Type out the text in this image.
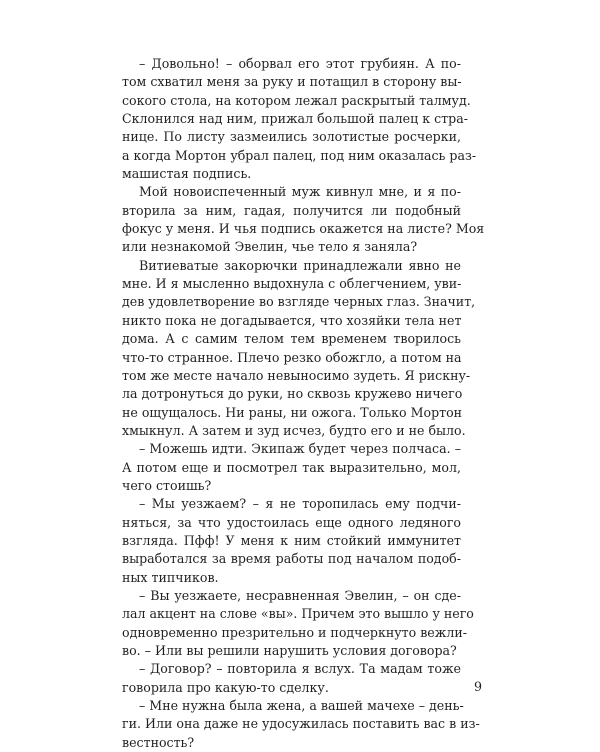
– Довольно! – оборвал его этот грубиян. А по-
том схватил меня за руку и потащил в сторону вы-
сокого стола, на котором лежал раскрытый талмуд.
Склонился над ним, прижал большой палец к стра-
нице. По листу зазмеились золотистые росчерки,
а когда Мортон убрал палец, под ним оказалась раз-
машистая подпись.
Мой новоиспеченный муж кивнул мне, и я по-
вторила за ним, гадая, получится ли подобный
фокус у меня. И чья подпись окажется на листе? Моя
или незнакомой Эвелин, чье тело я заняла?
Витиеватые закорючки принадлежали явно не
мне. И я мысленно выдохнула с облегчением, уви-
дев удовлетворение во взгляде черных глаз. Значит,
никто пока не догадывается, что хозяйки тела нет
дома. А с самим телом тем временем творилось
что-то странное. Плечо резко обожгло, а потом на
том же месте начало невыносимо зудеть. Я рискну-
ла дотронуться до руки, но сквозь кружево ничего
не ощущалось. Ни раны, ни ожога. Только Мортон
хмыкнул. А затем и зуд исчез, будто его и не было.
– Можешь идти. Экипаж будет через полчаса. –
А потом еще и посмотрел так выразительно, мол,
чего стоишь?
– Мы уезжаем? – я не торопилась ему подчи-
няться, за что удостоилась еще одного ледяного
взгляда. Пфф! У меня к ним стойкий иммунитет
выработался за время работы под началом подоб-
ных типчиков.
– Вы уезжаете, несравненная Эвелин, – он сде-
лал акцент на слове «вы». Причем это вышло у него
одновременно презрительно и подчеркнуто вежли-
во. – Или вы решили нарушить условия договора?
– Договор? – повторила я вслух. Та мадам тоже
говорила про какую-то сделку.
– Мне нужна была жена, а вашей мачехе – день-
ги. Или она даже не удосужилась поставить вас в из-
вестность?
9
